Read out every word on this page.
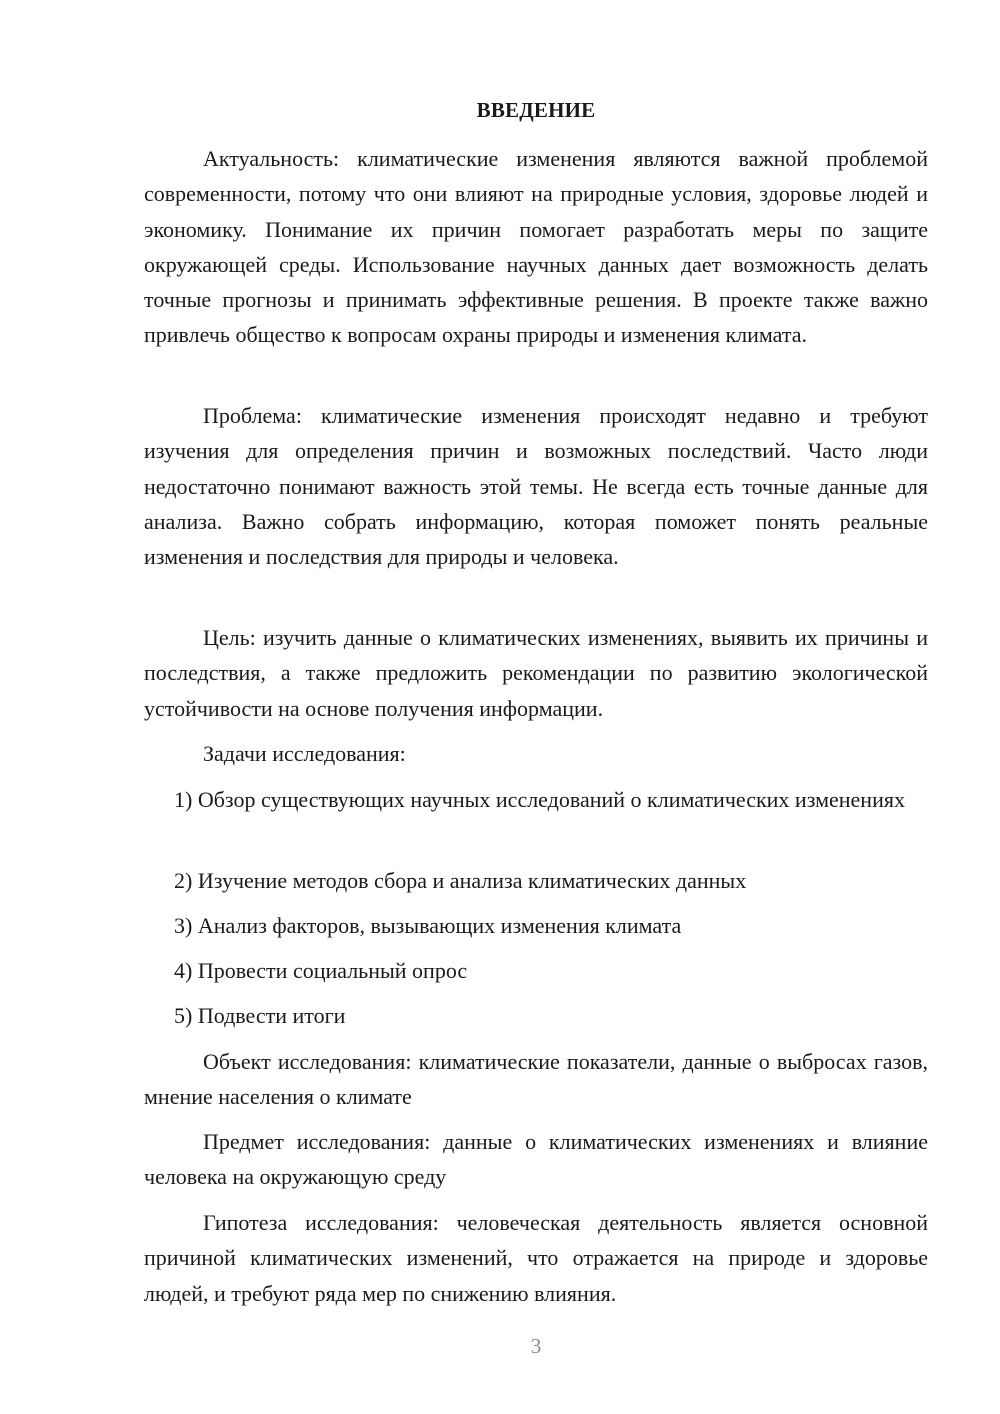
ВВЕДЕНИЕ

Актуальность: климатические изменения являются важной проблемой современности, потому что они влияют на природные условия, здоровье людей и экономику. Понимание их причин помогает разработать меры по защите окружающей среды. Использование научных данных дает возможность делать точные прогнозы и принимать эффективные решения. В проекте также важно привлечь общество к вопросам охраны природы и изменения климата.

Проблема: климатические изменения происходят недавно и требуют изучения для определения причин и возможных последствий. Часто люди недостаточно понимают важность этой темы. Не всегда есть точные данные для анализа. Важно собрать информацию, которая поможет понять реальные изменения и последствия для природы и человека.

Цель: изучить данные о климатических изменениях, выявить их причины и последствия, а также предложить рекомендации по развитию экологической устойчивости на основе получения информации.

Задачи исследования:

1) Обзор существующих научных исследований о климатических изменениях

2) Изучение методов сбора и анализа климатических данных

3) Анализ факторов, вызывающих изменения климата

4) Провести социальный опрос

5) Подвести итоги

Объект исследования: климатические показатели, данные о выбросах газов, мнение населения о климате

Предмет исследования: данные о климатических изменениях и влияние человека на окружающую среду

Гипотеза исследования: человеческая деятельность является основной причиной климатических изменений, что отражается на природе и здоровье людей, и требуют ряда мер по снижению влияния.

3
